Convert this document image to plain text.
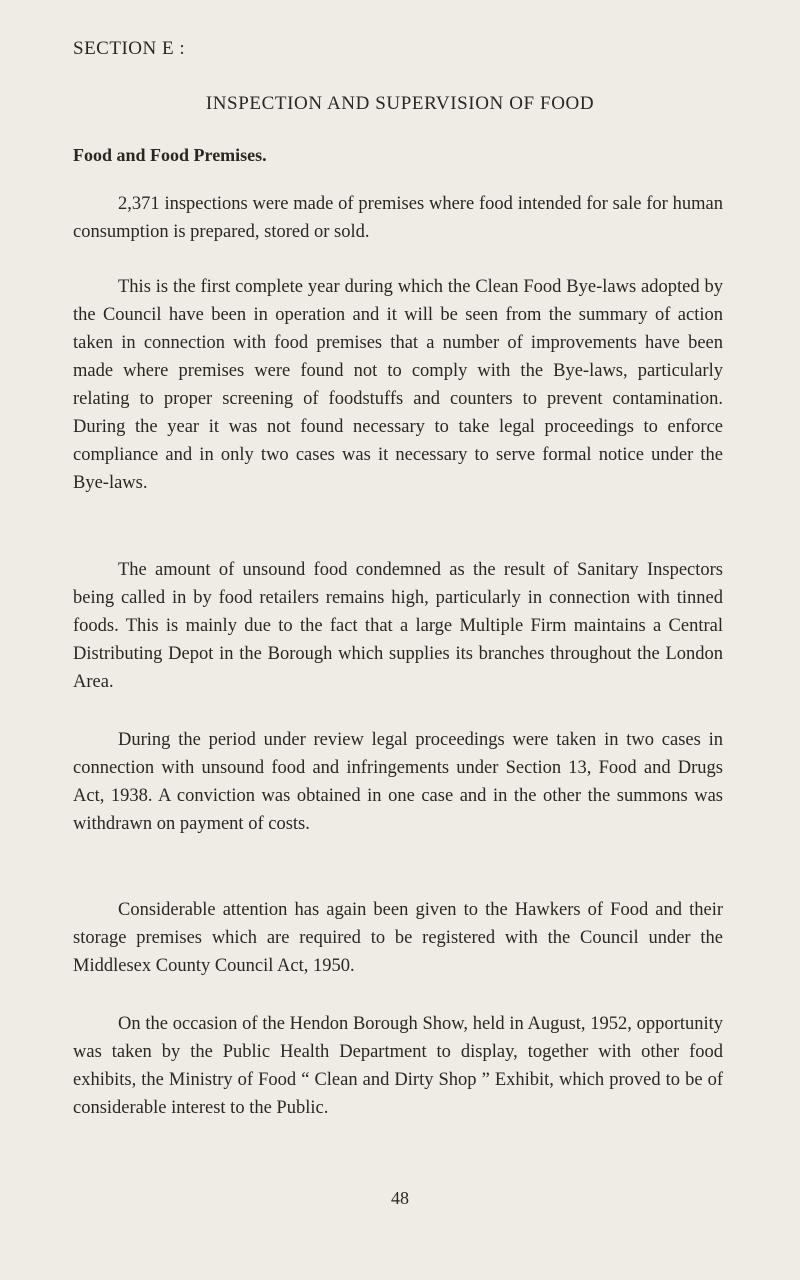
SECTION E :
INSPECTION AND SUPERVISION OF FOOD
Food and Food Premises.

2,371 inspections were made of premises where food intended for sale for human consumption is prepared, stored or sold.

This is the first complete year during which the Clean Food Bye-laws adopted by the Council have been in operation and it will be seen from the summary of action taken in connection with food premises that a number of improvements have been made where premises were found not to comply with the Bye-laws, particularly relating to proper screening of foodstuffs and counters to prevent contamination. During the year it was not found necessary to take legal proceedings to enforce compliance and in only two cases was it necessary to serve formal notice under the Bye-laws.

The amount of unsound food condemned as the result of Sanitary Inspectors being called in by food retailers remains high, particularly in connection with tinned foods. This is mainly due to the fact that a large Multiple Firm maintains a Central Distributing Depot in the Borough which supplies its branches throughout the London Area.

During the period under review legal proceedings were taken in two cases in connection with unsound food and infringements under Section 13, Food and Drugs Act, 1938. A conviction was obtained in one case and in the other the summons was withdrawn on payment of costs.

Considerable attention has again been given to the Hawkers of Food and their storage premises which are required to be registered with the Council under the Middlesex County Council Act, 1950.

On the occasion of the Hendon Borough Show, held in August, 1952, opportunity was taken by the Public Health Department to display, together with other food exhibits, the Ministry of Food “ Clean and Dirty Shop ” Exhibit, which proved to be of considerable interest to the Public.

48
